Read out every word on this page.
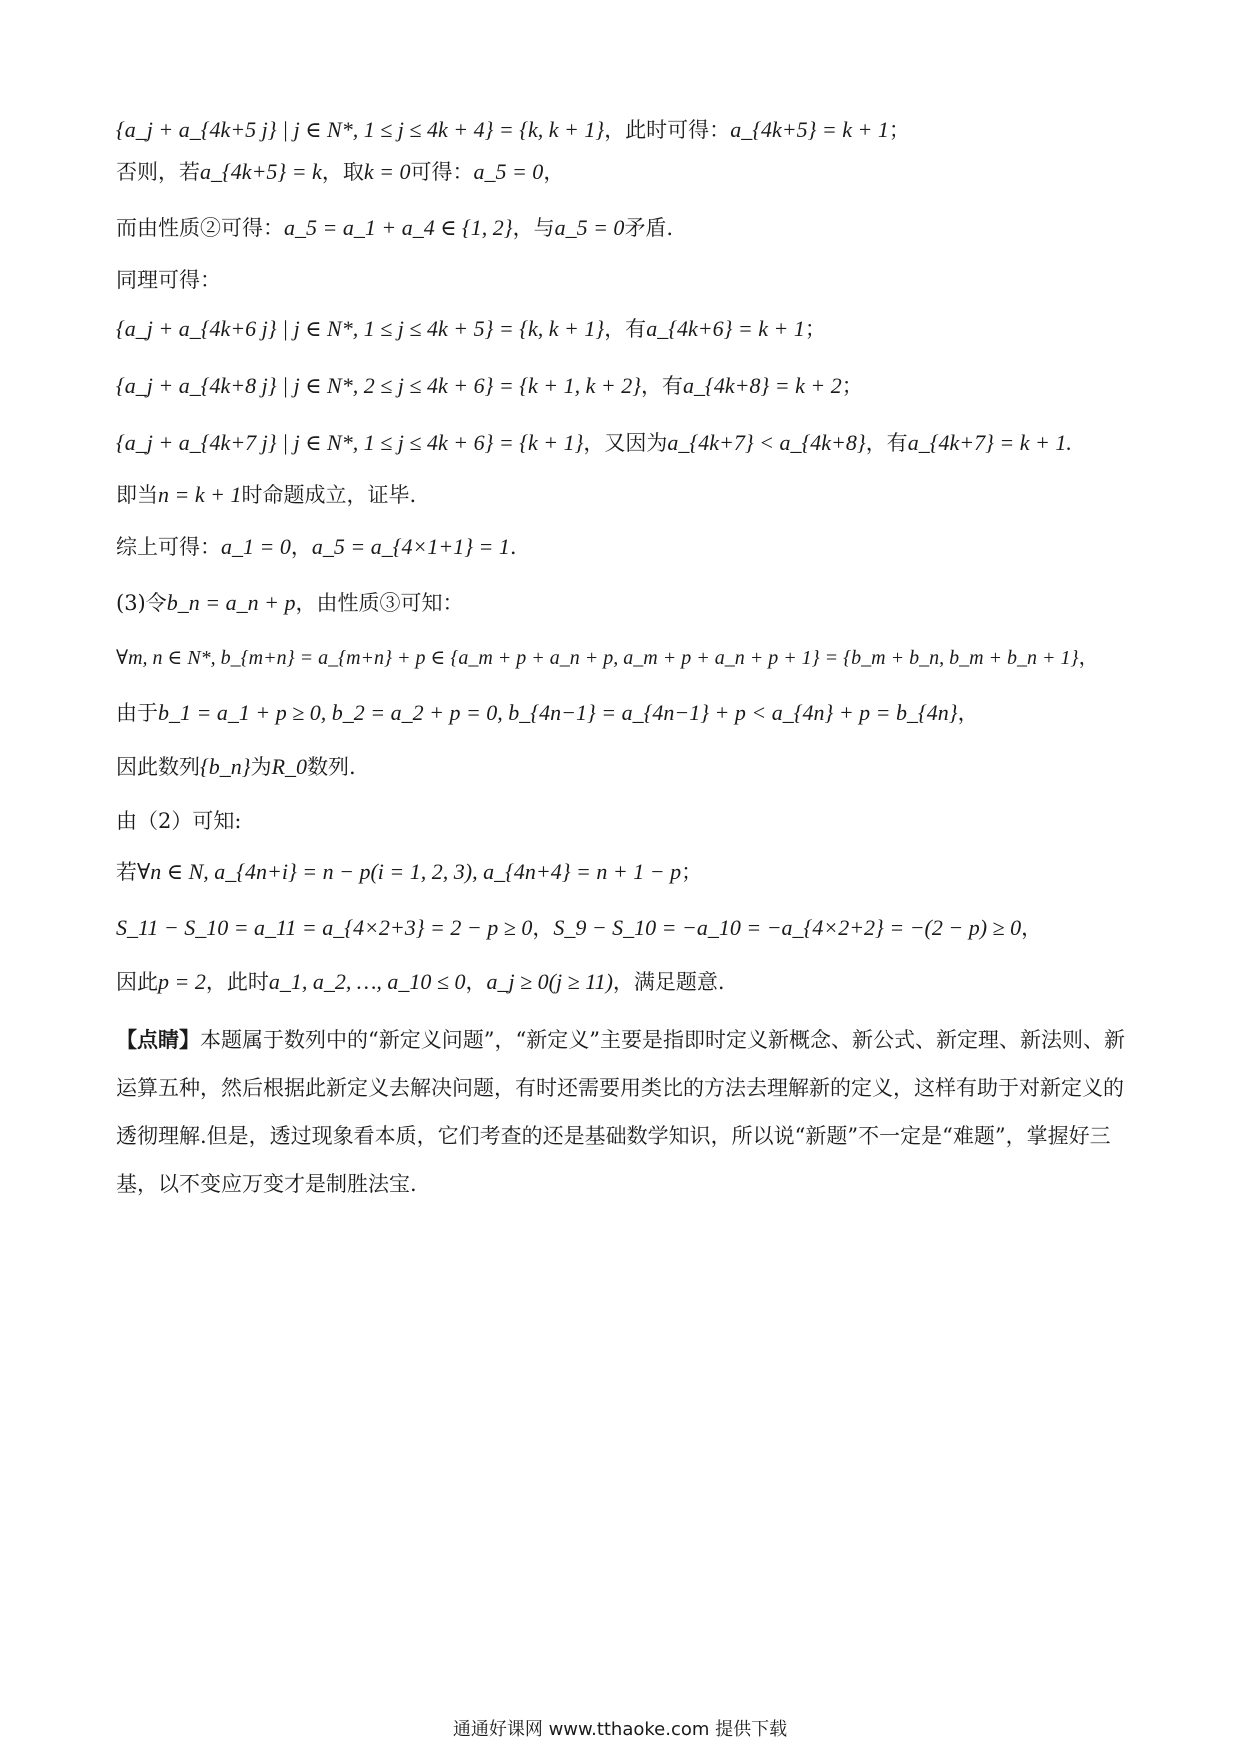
{a_j + a_{4k+5 j} | j ∈ N*, 1 ≤ j ≤ 4k + 4} = {k, k + 1}，此时可得：a_{4k+5} = k + 1；
否则，若a_{4k+5} = k，取k = 0可得：a_5 = 0，
而由性质②可得：a_5 = a_1 + a_4 ∈ {1, 2}，与a_5 = 0矛盾.
同理可得：
{a_j + a_{4k+6 j} | j ∈ N*, 1 ≤ j ≤ 4k + 5} = {k, k + 1}，有a_{4k+6} = k + 1；
{a_j + a_{4k+8 j} | j ∈ N*, 2 ≤ j ≤ 4k + 6} = {k + 1, k + 2}，有a_{4k+8} = k + 2；
{a_j + a_{4k+7 j} | j ∈ N*, 1 ≤ j ≤ 4k + 6} = {k + 1}，又因为a_{4k+7} < a_{4k+8}，有a_{4k+7} = k + 1.
即当n = k + 1时命题成立，证毕.
综上可得：a_1 = 0，a_5 = a_{4×1+1} = 1.
(3)令b_n = a_n + p，由性质③可知：
∀m, n ∈ N*, b_{m+n} = a_{m+n} + p ∈ {a_m + p + a_n + p, a_m + p + a_n + p + 1} = {b_m + b_n, b_m + b_n + 1}，
由于b_1 = a_1 + p ≥ 0, b_2 = a_2 + p = 0, b_{4n−1} = a_{4n−1} + p < a_{4n} + p = b_{4n}，
因此数列{b_n}为R_0数列.
由（2）可知:
若∀n ∈ N, a_{4n+i} = n − p(i = 1, 2, 3), a_{4n+4} = n + 1 − p；
S_11 − S_10 = a_11 = a_{4×2+3} = 2 − p ≥ 0，S_9 − S_10 = −a_10 = −a_{4×2+2} = −(2 − p) ≥ 0，
因此p = 2，此时a_1, a_2, …, a_10 ≤ 0，a_j ≥ 0(j ≥ 11)，满足题意.
【点睛】本题属于数列中的“新定义问题”，“新定义”主要是指即时定义新概念、新公式、新定理、新法则、新运算五种，然后根据此新定义去解决问题，有时还需要用类比的方法去理解新的定义，这样有助于对新定义的透彻理解.但是，透过现象看本质，它们考查的还是基础数学知识，所以说“新题”不一定是“难题”，掌握好三基，以不变应万变才是制胜法宝.
通通好课网 www.tthaoke.com 提供下载
